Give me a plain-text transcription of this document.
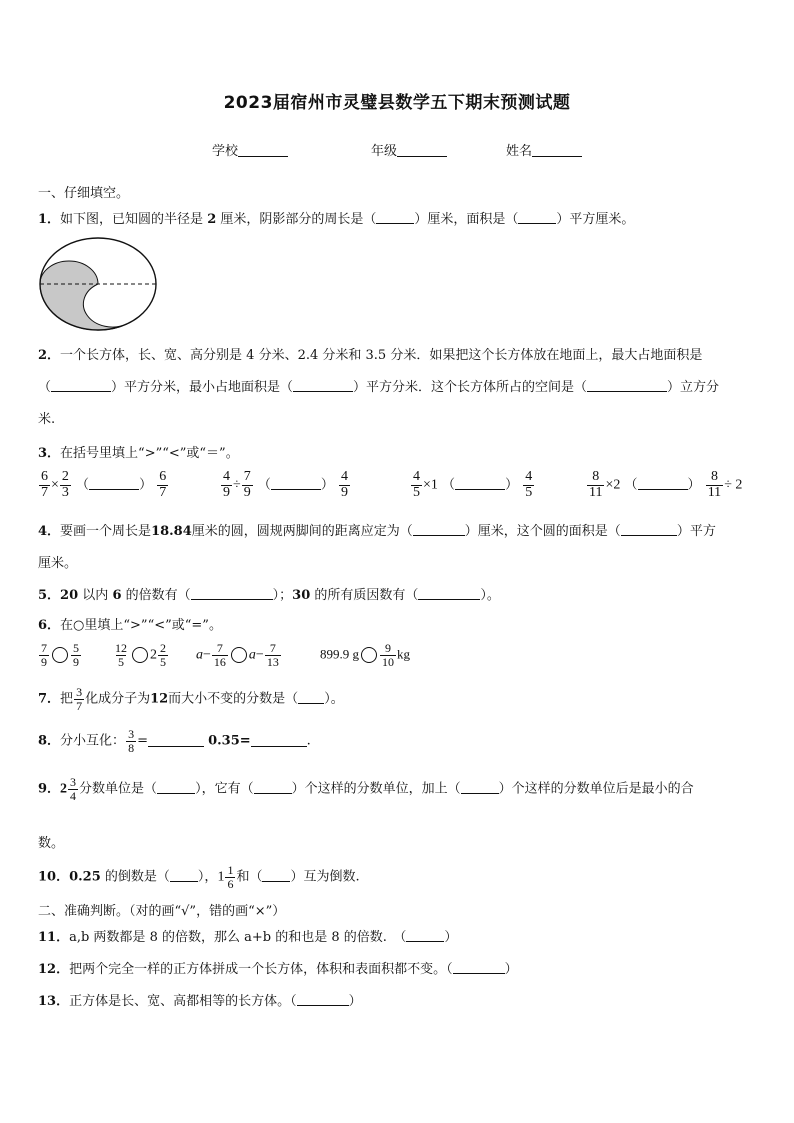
2023届宿州市灵璧县数学五下期末预测试题
学校	年级	姓名
一、仔细填空。
1．如下图，已知圆的半径是 2 厘米，阴影部分的周长是（	）厘米，面积是（	）平方厘米。
2．一个长方体，长、宽、高分别是 4 分米、2.4 分米和 3.5 分米．如果把这个长方体放在地面上，最大占地面积是
（	）平方分米，最小占地面积是（	）平方分米．这个长方体所占的空间是（	）立方分
米.
3．在括号里填上“>”“<”或“＝”。
$\frac{6}{7} \times \frac{2}{3}$ （	） $\frac{6}{7}$	$\frac{4}{9} \div \frac{7}{9}$ （	） $\frac{4}{9}$	$\frac{4}{5} \times 1$ （	） $\frac{4}{5}$	$\frac{8}{11} \times 2$ （	） $\frac{8}{11} \div 2$
4．要画一个周长是18.84厘米的圆，圆规两脚间的距离应定为（	）厘米，这个圆的面积是（	）平方
厘米。
5．20 以内 6 的倍数有（	）；30 的所有质因数有（	）。
6．在○里填上“>”“<”或“=”。
$\frac{7}{9} \frac{5}{9}$	$\frac{12}{5} 2 \frac{2}{5} a- \frac{7}{16} a- \frac{7}{13}$	899.9 g $\frac{9}{10}$ kg
7．把 $\frac{3}{7}$ 化成分子为12而大小不变的分数是（ ）。
8．分小互化： $\frac{3}{8}$ =	0.35=	.
9．$2 \frac{3}{4}$ 分数单位是（	），它有（	）个这样的分数单位，加上（	）个这样的分数单位后是最小的合
数。
10．0.25 的倒数是（ ），$1 \frac{1}{6}$ 和（ ）互为倒数.
二、准确判断。（对的画“√”，错的画“×”）
11．a,b 两数都是 8 的倍数，那么 a+b 的和也是 8 的倍数.　 （	）
12．把两个完全一样的正方体拼成一个长方体，体积和表面积都不变。（	）
13．正方体是长、宽、高都相等的长方体。（	）
